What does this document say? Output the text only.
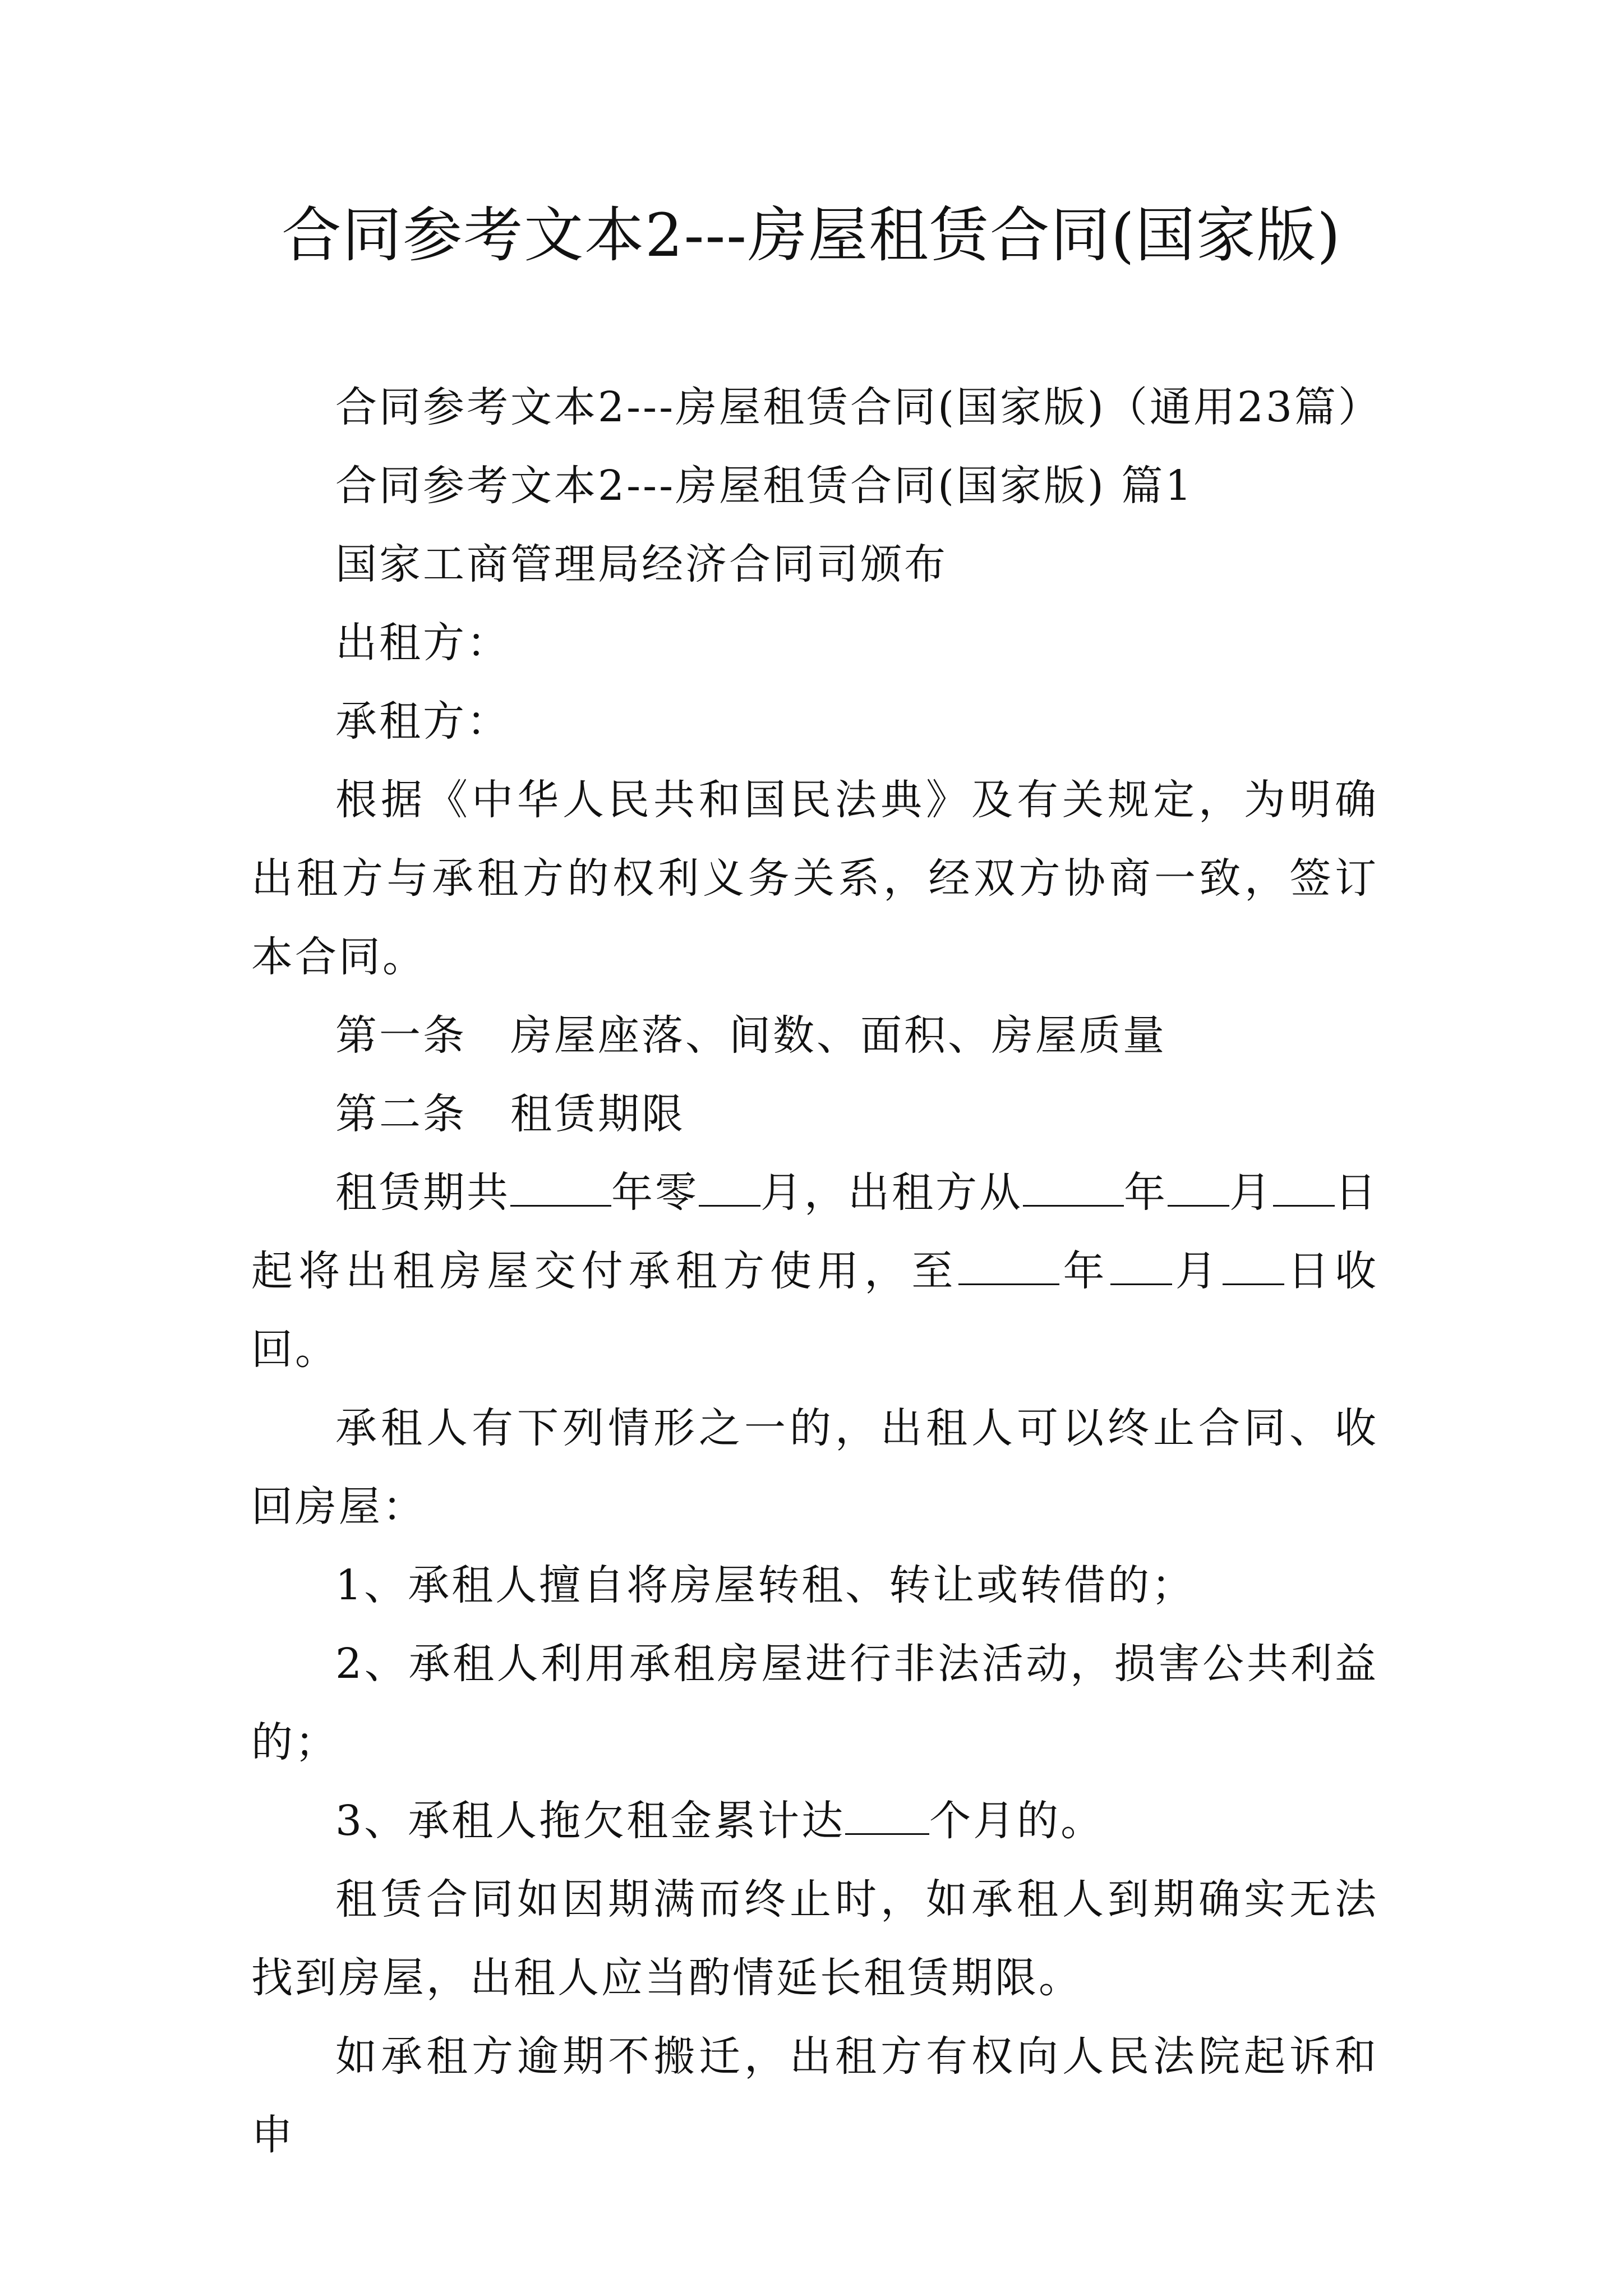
合同参考文本2---房屋租赁合同(国家版)

合同参考文本2---房屋租赁合同(国家版)（通用23篇）

合同参考文本2---房屋租赁合同(国家版) 篇1

国家工商管理局经济合同司颁布

出租方：

承租方：

根据《中华人民共和国民法典》及有关规定，为明确出租方与承租方的权利义务关系，经双方协商一致，签订本合同。

第一条　房屋座落、间数、面积、房屋质量

第二条　租赁期限

租赁期共 年零 月，出租方从 年 月 日起将出租房屋交付承租方使用，至 年 月 日收回。

承租人有下列情形之一的，出租人可以终止合同、收回房屋：

1、承租人擅自将房屋转租、转让或转借的；

2、承租人利用承租房屋进行非法活动，损害公共利益的；

3、承租人拖欠租金累计达 个月的。

租赁合同如因期满而终止时，如承租人到期确实无法找到房屋，出租人应当酌情延长租赁期限。

如承租方逾期不搬迁，出租方有权向人民法院起诉和申
